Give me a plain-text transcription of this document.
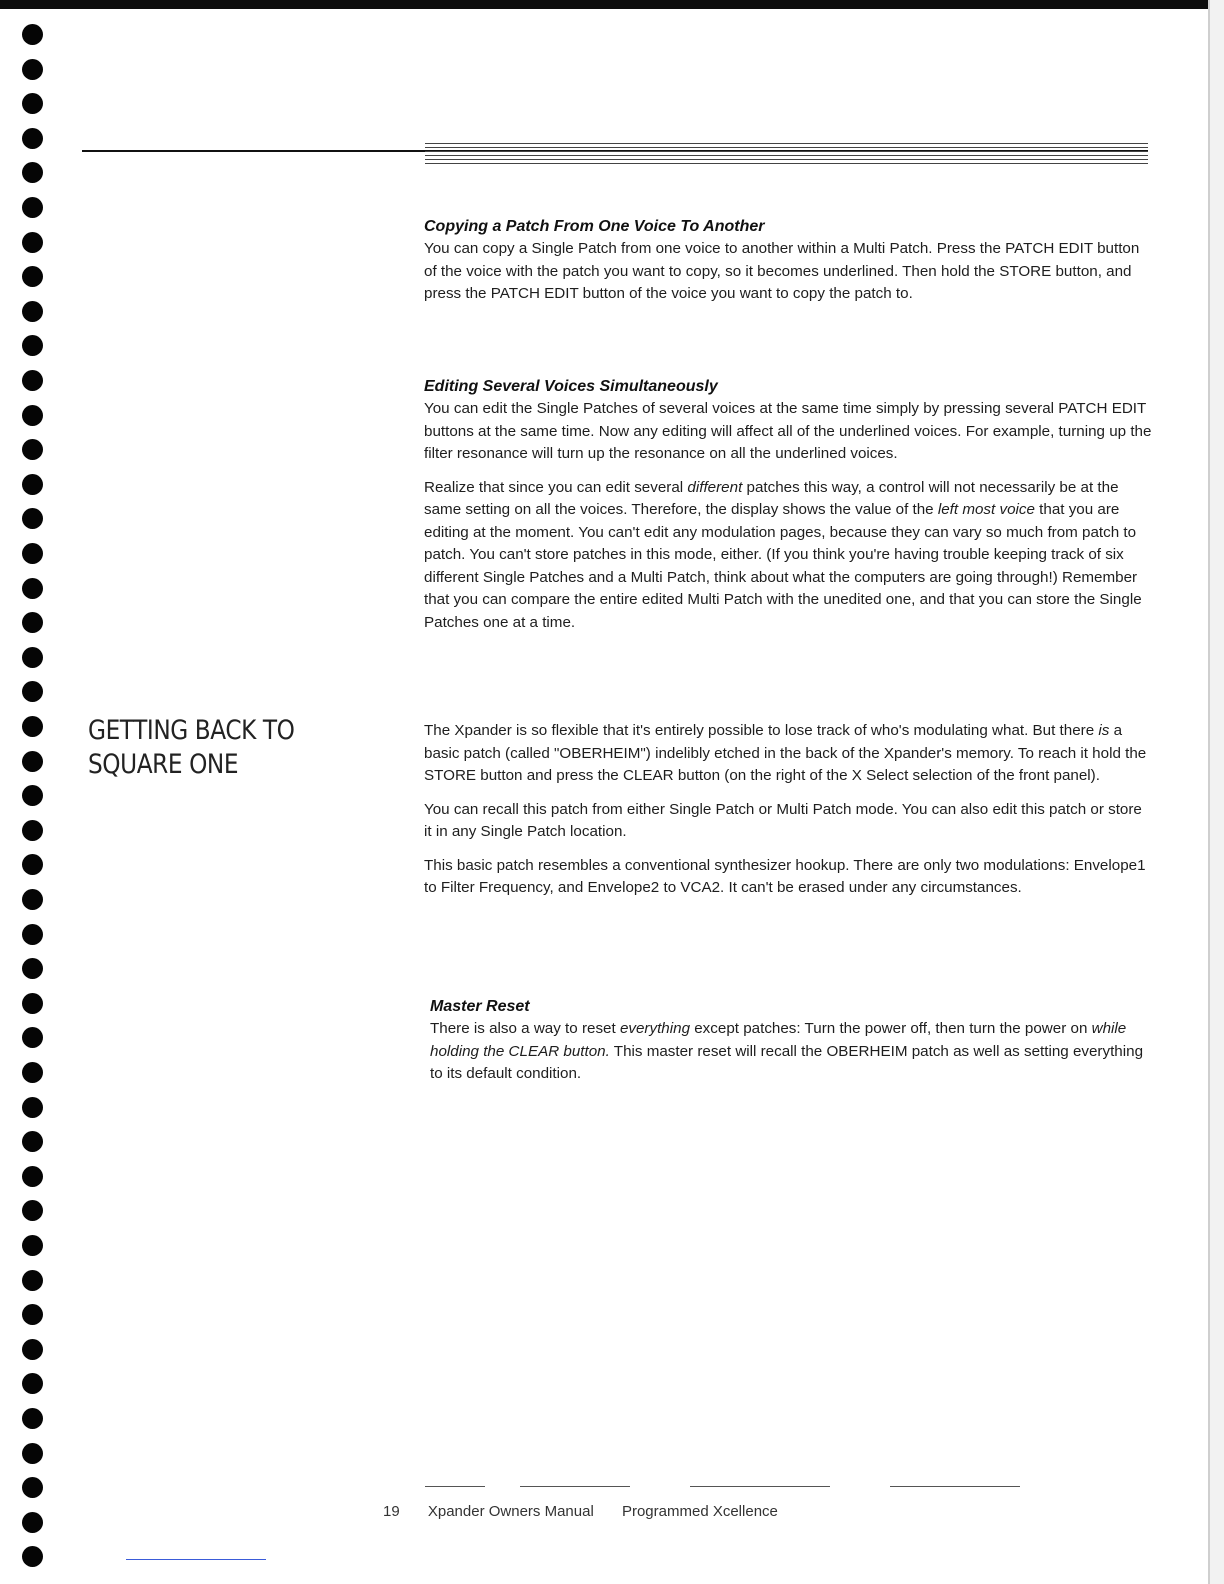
GETTING BACK TO
SQUARE ONE
Copying a Patch From One Voice To Another

You can copy a Single Patch from one voice to another within a Multi Patch. Press the PATCH EDIT button of the voice with the patch you want to copy, so it becomes underlined. Then hold the STORE button, and press the PATCH EDIT button of the voice you want to copy the patch to.

Editing Several Voices Simultaneously

You can edit the Single Patches of several voices at the same time simply by pressing several PATCH EDIT buttons at the same time. Now any editing will affect all of the underlined voices. For example, turning up the filter resonance will turn up the resonance on all the underlined voices.

Realize that since you can edit several different patches this way, a control will not necessarily be at the same setting on all the voices. Therefore, the display shows the value of the left most voice that you are editing at the moment. You can't edit any modulation pages, because they can vary so much from patch to patch. You can't store patches in this mode, either. (If you think you're having trouble keeping track of six different Single Patches and a Multi Patch, think about what the computers are going through!) Remember that you can compare the entire edited Multi Patch with the unedited one, and that you can store the Single Patches one at a time.

The Xpander is so flexible that it's entirely possible to lose track of who's modulating what. But there is a basic patch (called "OBERHEIM") indelibly etched in the back of the Xpander's memory. To reach it hold the STORE button and press the CLEAR button (on the right of the X Select selection of the front panel).

You can recall this patch from either Single Patch or Multi Patch mode. You can also edit this patch or store it in any Single Patch location.

This basic patch resembles a conventional synthesizer hookup. There are only two modulations: Envelope1 to Filter Frequency, and Envelope2 to VCA2. It can't be erased under any circumstances.

Master Reset

There is also a way to reset everything except patches: Turn the power off, then turn the power on while holding the CLEAR button. This master reset will recall the OBERHEIM patch as well as setting everything to its default condition.

19 Xpander Owners Manual Programmed Xcellence
